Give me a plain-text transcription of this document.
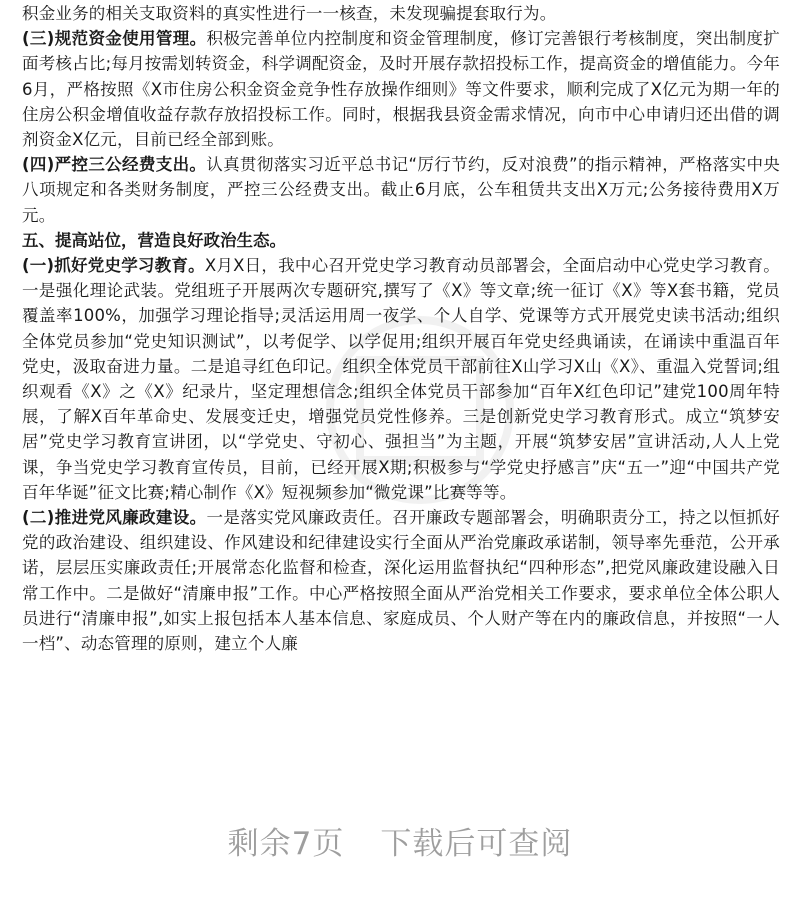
积金业务的相关支取资料的真实性进行一一核查，未发现骗提套取行为。

(三)规范资金使用管理。积极完善单位内控制度和资金管理制度，修订完善银行考核制度，突出制度扩面考核占比;每月按需划转资金，科学调配资金，及时开展存款招投标工作，提高资金的增值能力。今年6月，严格按照《X市住房公积金资金竞争性存放操作细则》等文件要求，顺利完成了X亿元为期一年的住房公积金增值收益存款存放招投标工作。同时，根据我县资金需求情况，向市中心申请归还出借的调剂资金X亿元，目前已经全部到账。

(四)严控三公经费支出。认真贯彻落实习近平总书记“厉行节约，反对浪费”的指示精神，严格落实中央八项规定和各类财务制度，严控三公经费支出。截止6月底，公车租赁共支出X万元;公务接待费用X万元。

五、提高站位，营造良好政治生态。

(一)抓好党史学习教育。X月X日，我中心召开党史学习教育动员部署会，全面启动中心党史学习教育。一是强化理论武装。党组班子开展两次专题研究,撰写了《X》等文章;统一征订《X》等X套书籍，党员覆盖率100%，加强学习理论指导;灵活运用周一夜学、个人自学、党课等方式开展党史读书活动;组织全体党员参加“党史知识测试”，以考促学、以学促用;组织开展百年党史经典诵读，在诵读中重温百年党史，汲取奋进力量。二是追寻红色印记。组织全体党员干部前往X山学习X山《X》、重温入党誓词;组织观看《X》之《X》纪录片，坚定理想信念;组织全体党员干部参加“百年X红色印记”建党100周年特展，了解X百年革命史、发展变迁史，增强党员党性修养。三是创新党史学习教育形式。成立“筑梦安居”党史学习教育宣讲团，以“学党史、守初心、强担当”为主题，开展“筑梦安居”宣讲活动,人人上党课，争当党史学习教育宣传员，目前，已经开展X期;积极参与“学党史抒感言”庆“五一”迎“中国共产党百年华诞”征文比赛;精心制作《X》短视频参加“微党课”比赛等等。

(二)推进党风廉政建设。一是落实党风廉政责任。召开廉政专题部署会，明确职责分工，持之以恒抓好党的政治建设、组织建设、作风建设和纪律建设实行全面从严治党廉政承诺制，领导率先垂范，公开承诺，层层压实廉政责任;开展常态化监督和检查，深化运用监督执纪“四种形态”,把党风廉政建设融入日常工作中。二是做好“清廉申报”工作。中心严格按照全面从严治党相关工作要求，要求单位全体公职人员进行“清廉申报”,如实上报包括本人基本信息、家庭成员、个人财产等在内的廉政信息，并按照“一人一档”、动态管理的原则，建立个人廉

剩余7页 下载后可查阅
